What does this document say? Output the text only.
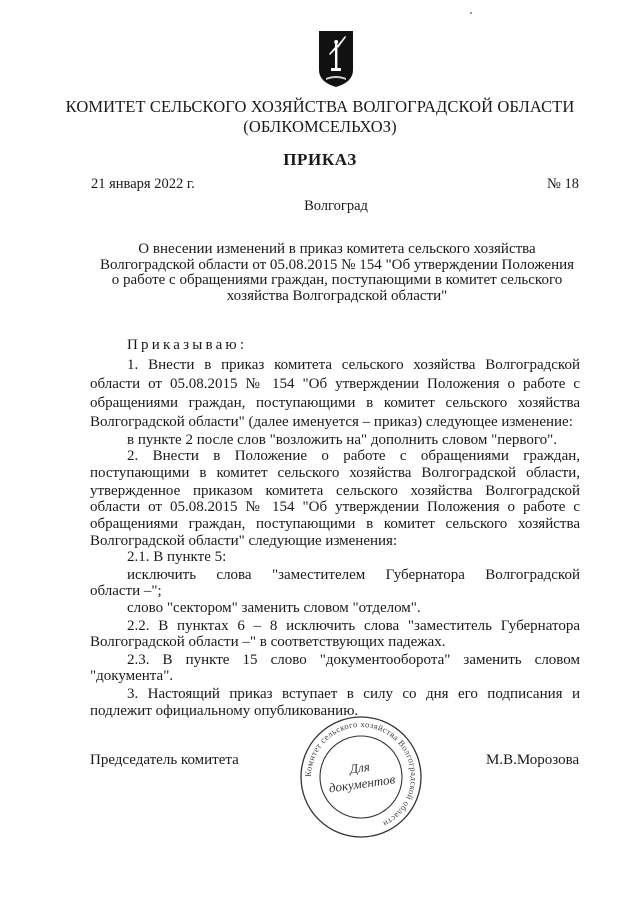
КОМИТЕТ СЕЛЬСКОГО ХОЗЯЙСТВА ВОЛГОГРАДСКОЙ ОБЛАСТИ
(ОБЛКОМСЕЛЬХОЗ)
ПРИКАЗ
21 января 2022 г.	№ 18
Волгоград
О внесении изменений в приказ комитета сельского хозяйства
Волгоградской области от 05.08.2015 № 154 "Об утверждении Положения
о работе с обращениями граждан, поступающими в комитет сельского
хозяйства Волгоградской области"
Приказываю:
1. Внести в приказ комитета сельского хозяйства Волгоградской
области от 05.08.2015 № 154 "Об утверждении Положения о работе с
обращениями граждан, поступающими в комитет сельского хозяйства
Волгоградской области" (далее именуется – приказ) следующее изменение:
в пункте 2 после слов "возложить на" дополнить словом "первого".
2. Внести в Положение о работе с обращениями граждан,
поступающими в комитет сельского хозяйства Волгоградской области,
утвержденное приказом комитета сельского хозяйства Волгоградской
области от 05.08.2015 № 154 "Об утверждении Положения о работе с
обращениями граждан, поступающими в комитет сельского хозяйства
Волгоградской области" следующие изменения:
2.1. В пункте 5:
исключить слова "заместителем Губернатора Волгоградской
области –";
слово "сектором" заменить словом "отделом".
2.2. В пунктах 6 – 8 исключить слова "заместитель Губернатора
Волгоградской области –" в соответствующих падежах.
2.3. В пункте 15 слово "документооборота" заменить словом
"документа".
3. Настоящий приказ вступает в силу со дня его подписания и
подлежит официальному опубликованию.
Председатель комитета	М.В.Морозова
Комитет сельского хозяйства Волгоградской области
Для
документов
